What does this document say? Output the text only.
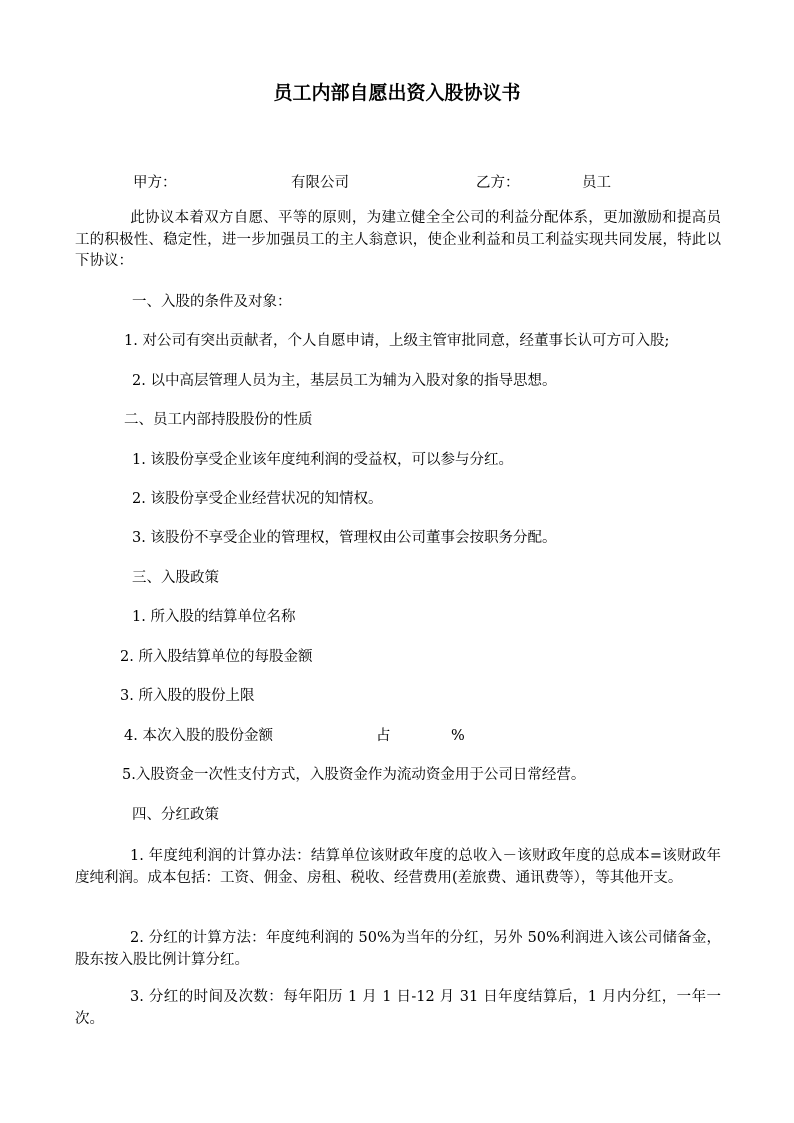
员工内部自愿出资入股协议书
甲方：	有限公司	乙方：	员工
此协议本着双方自愿、平等的原则，为建立健全全公司的利益分配体系，更加激励和提高员工的积极性、稳定性，进一步加强员工的主人翁意识，使企业利益和员工利益实现共同发展，特此以下协议：
一、入股的条件及对象：
1. 对公司有突出贡献者，个人自愿申请，上级主管审批同意，经董事长认可方可入股;
2. 以中高层管理人员为主，基层员工为辅为入股对象的指导思想。
二、员工内部持股股份的性质
1. 该股份享受企业该年度纯利润的受益权，可以参与分红。
2. 该股份享受企业经营状况的知情权。
3. 该股份不享受企业的管理权，管理权由公司董事会按职务分配。
三、入股政策
1. 所入股的结算单位名称
2. 所入股结算单位的每股金额
3. 所入股的股份上限
4. 本次入股的股份金额	占	%
5.入股资金一次性支付方式，入股资金作为流动资金用于公司日常经营。
四、分红政策
1. 年度纯利润的计算办法：结算单位该财政年度的总收入－该财政年度的总成本=该财政年度纯利润。成本包括：工资、佣金、房租、税收、经营费用(差旅费、通讯费等），等其他开支。
2. 分红的计算方法：年度纯利润的 50%为当年的分红，另外 50%利润进入该公司储备金，股东按入股比例计算分红。
3. 分红的时间及次数：每年阳历 1 月 1 日-12 月 31 日年度结算后，1 月内分红，一年一次。
